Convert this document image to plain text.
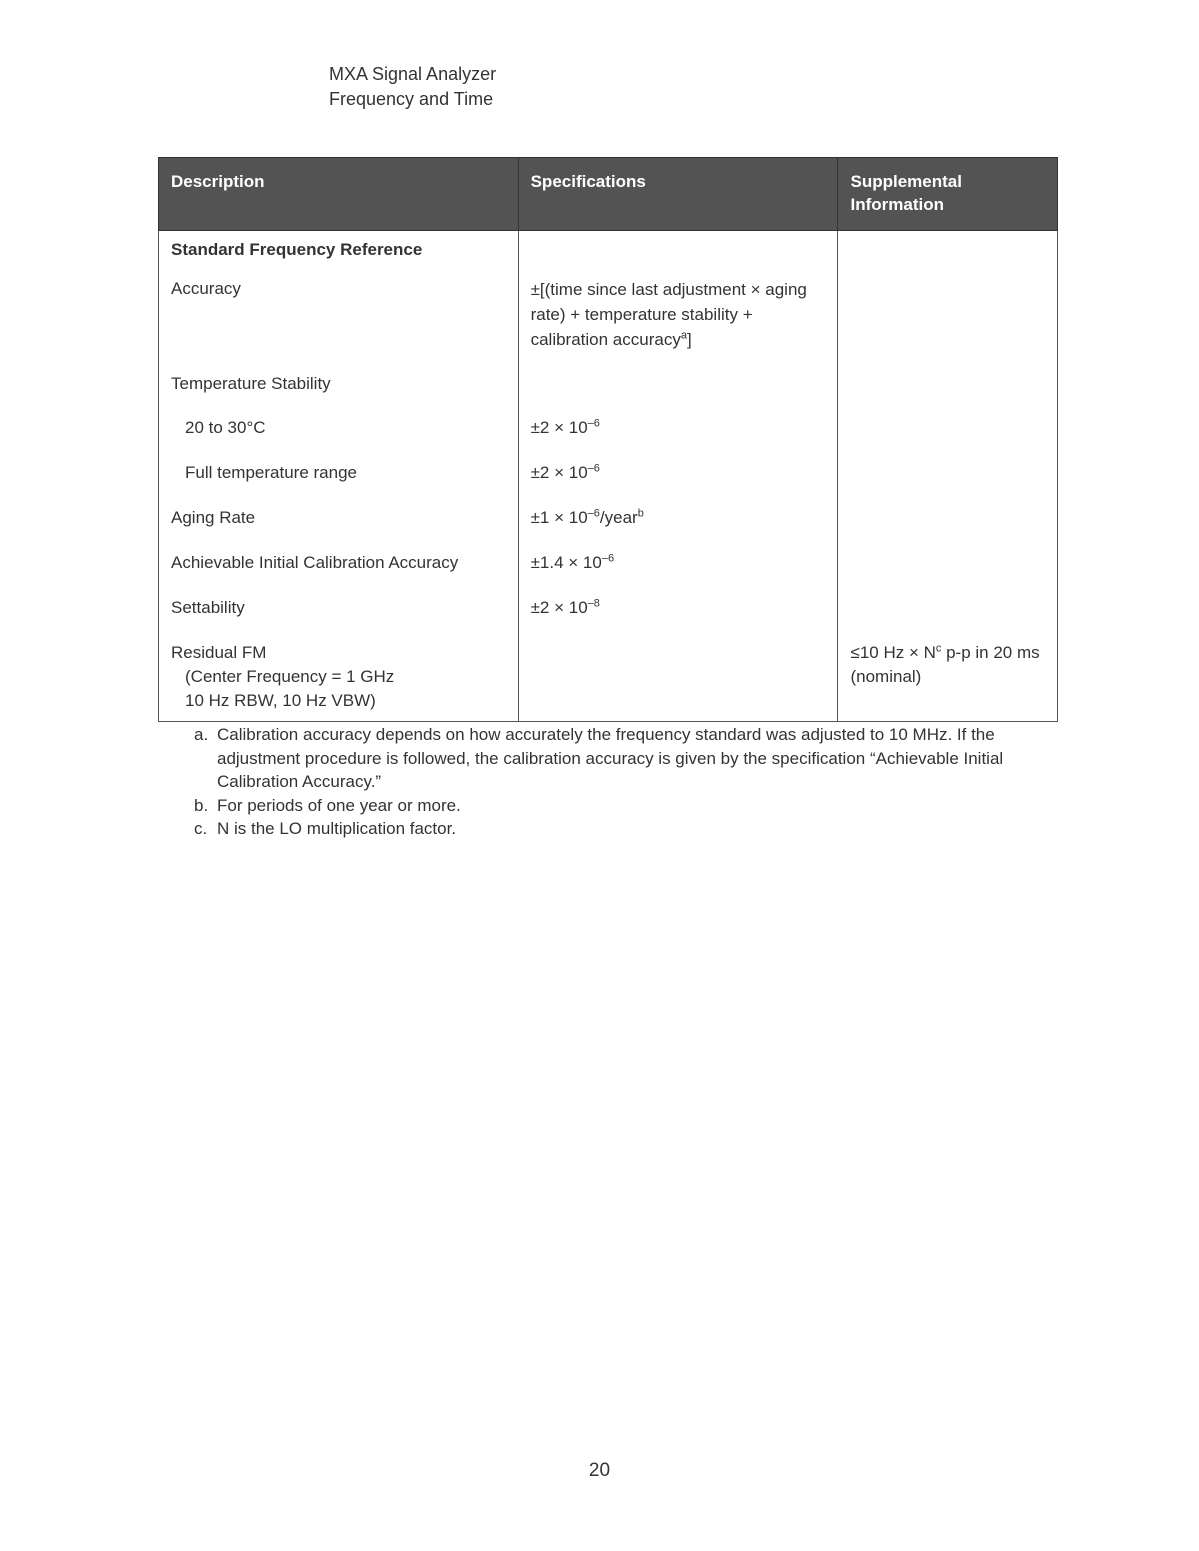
MXA Signal Analyzer
Frequency and Time
Description	Specifications	Supplemental Information
Standard Frequency Reference		
Accuracy	±[(time since last adjustment × aging rate) + temperature stability + calibration accuracy$^a$]	
Temperature Stability		
20 to 30°C	$\pm 2 \times 10^{-6}$	
Full temperature range	$\pm 2 \times 10^{-6}$	
Aging Rate	$\pm 1 \times 10^{-6}/year^b$	
Achievable Initial Calibration Accuracy	$\pm 1.4 \times 10^{-6}$	
Settability	$\pm 2 \times 10^{-8}$	

Residual FM
(Center Frequency = 1 GHz
10 Hz RBW, 10 Hz VBW)		≤10 $Hz \times N^c$ p-p in 20 ms (nominal)
a. Calibration accuracy depends on how accurately the frequency standard was adjusted to 10 MHz. If the adjustment procedure is followed, the calibration accuracy is given by the specification “Achievable Initial Calibration Accuracy.”
b. For periods of one year or more.
c. N is the LO multiplication factor.
20
